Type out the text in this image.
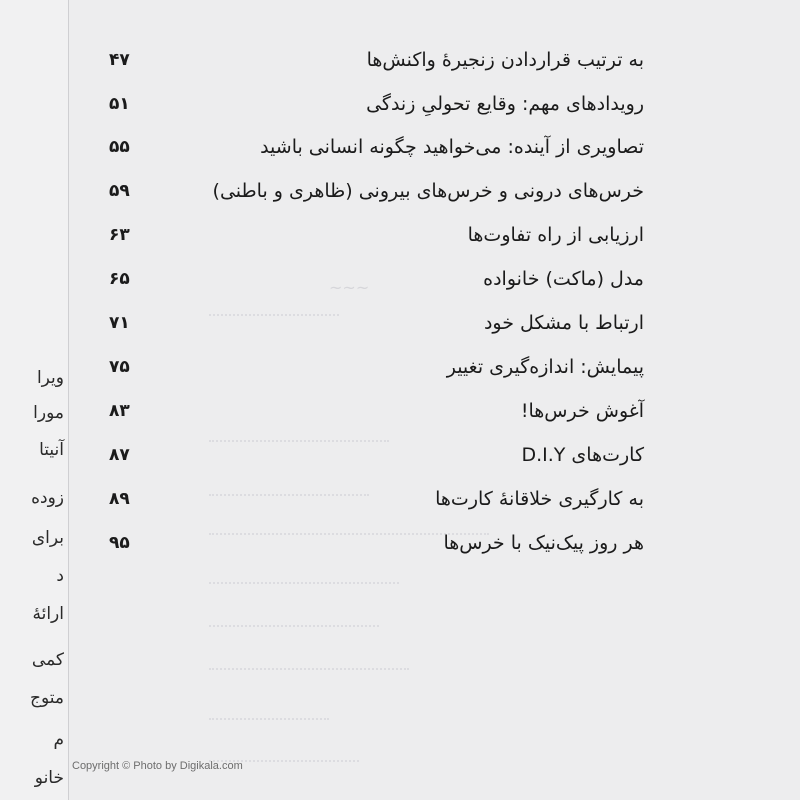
ویرا
مورا
آنیتا
زوده
برای
د
ارائهٔ
کمی
متوج
م
خانو
~~~
۴۷	به ترتیب قراردادن زنجیرهٔ واکنش‌ها
۵۱	رویدادهای مهم: وقایع تحولیِ زندگی
۵۵	تصاویری از آینده: می‌خواهید چگونه انسانی باشید
۵۹	خرس‌های درونی و خرس‌های بیرونی (ظاهری و باطنی)
۶۳	ارزیابی از راه تفاوت‌ها
۶۵	مدل (ماکت) خانواده
۷۱	ارتباط با مشکل خود
۷۵	پیمایش: اندازه‌گیری تغییر
۸۳	آغوش خرس‌ها!
۸۷	کارت‌های D.I.Y
۸۹	به کارگیری خلاقانهٔ کارت‌ها
۹۵	هر روز پیک‌نیک با خرس‌ها
Copyright © Photo by Digikala.com
